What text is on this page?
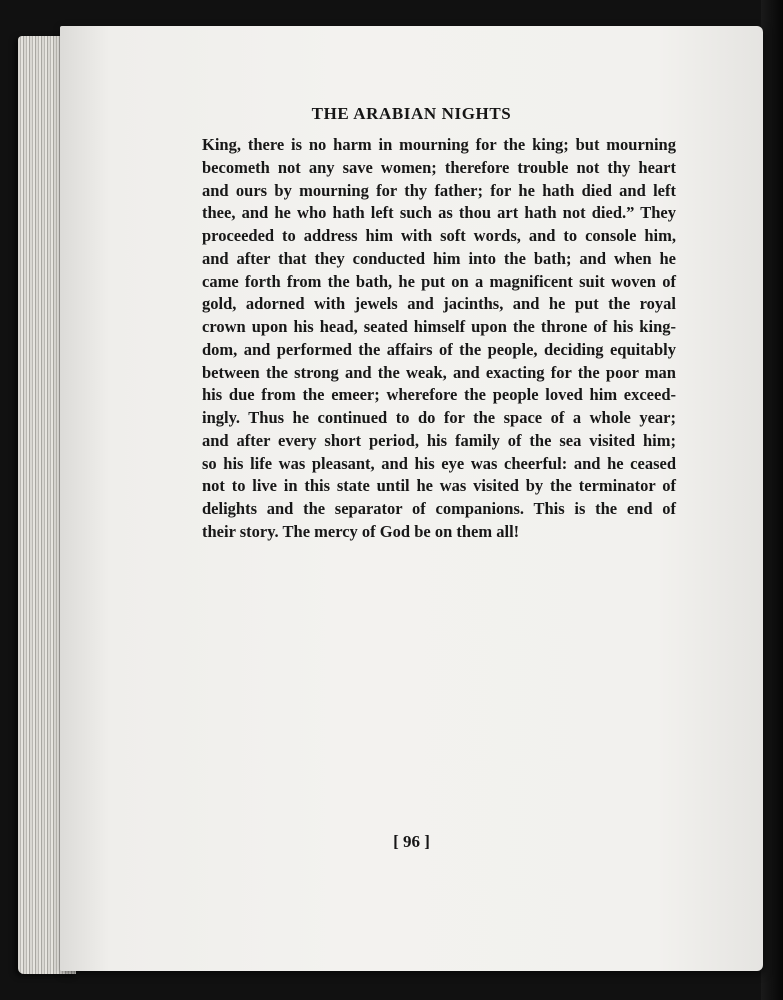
THE ARABIAN NIGHTS
King, there is no harm in mourning for the king; but mourning
becometh not any save women; therefore trouble not thy heart
and ours by mourning for thy father; for he hath died and left
thee, and he who hath left such as thou art hath not died.” They
proceeded to address him with soft words, and to console him,
and after that they conducted him into the bath; and when he
came forth from the bath, he put on a magnificent suit woven of
gold, adorned with jewels and jacinths, and he put the royal
crown upon his head, seated himself upon the throne of his king-
dom, and performed the affairs of the people, deciding equitably
between the strong and the weak, and exacting for the poor man
his due from the emeer; wherefore the people loved him exceed-
ingly. Thus he continued to do for the space of a whole year;
and after every short period, his family of the sea visited him;
so his life was pleasant, and his eye was cheerful: and he ceased
not to live in this state until he was visited by the terminator of
delights and the separator of companions. This is the end of
their story. The mercy of God be on them all!
[ 96 ]
